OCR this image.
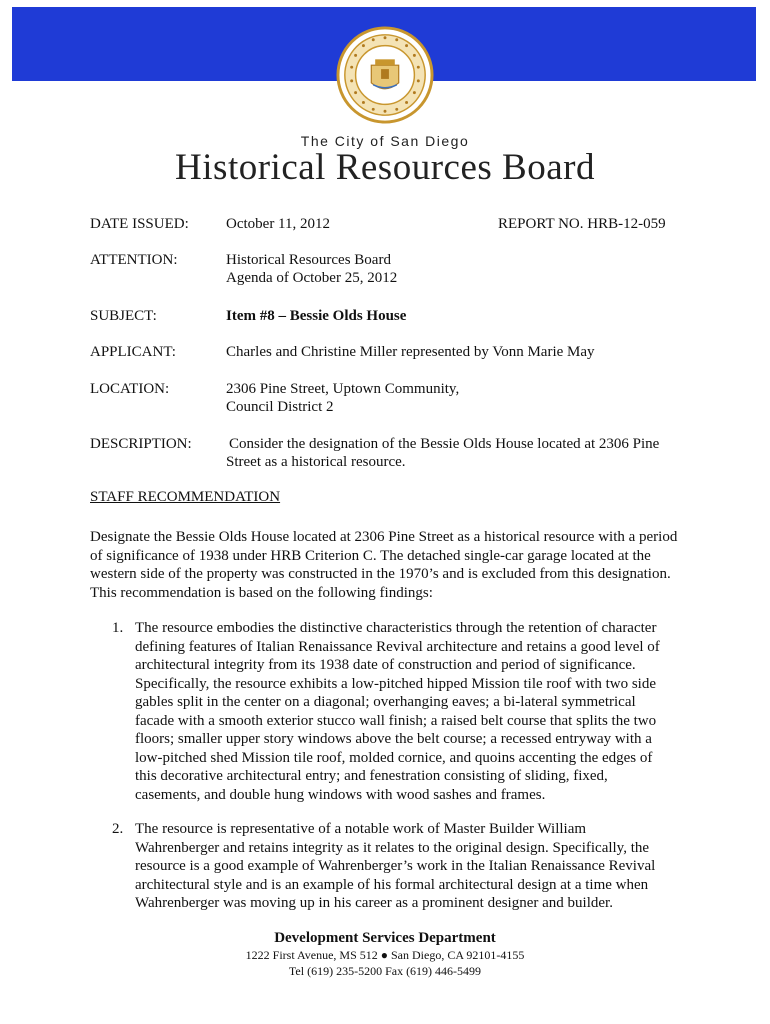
The City of San Diego
Historical Resources Board
DATE ISSUED: October 11, 2012	REPORT NO. HRB-12-059
ATTENTION:	Historical Resources Board
Agenda of October 25, 2012
SUBJECT:	Item #8 – Bessie Olds House
APPLICANT:	Charles and Christine Miller represented by Vonn Marie May
LOCATION:	2306 Pine Street, Uptown Community,
Council District 2
DESCRIPTION: Consider the designation of the Bessie Olds House located at 2306 Pine
Street as a historical resource.
STAFF RECOMMENDATION
Designate the Bessie Olds House located at 2306 Pine Street as a historical resource with a period of significance of 1938 under HRB Criterion C. The detached single-car garage located at the western side of the property was constructed in the 1970’s and is excluded from this designation. This recommendation is based on the following findings:
1. The resource embodies the distinctive characteristics through the retention of character defining features of Italian Renaissance Revival architecture and retains a good level of architectural integrity from its 1938 date of construction and period of significance. Specifically, the resource exhibits a low-pitched hipped Mission tile roof with two side gables split in the center on a diagonal; overhanging eaves; a bi-lateral symmetrical facade with a smooth exterior stucco wall finish; a raised belt course that splits the two floors; smaller upper story windows above the belt course; a recessed entryway with a low-pitched shed Mission tile roof, molded cornice, and quoins accenting the edges of this decorative architectural entry; and fenestration consisting of sliding, fixed, casements, and double hung windows with wood sashes and frames.
2. The resource is representative of a notable work of Master Builder William Wahrenberger and retains integrity as it relates to the original design. Specifically, the resource is a good example of Wahrenberger’s work in the Italian Renaissance Revival architectural style and is an example of his formal architectural design at a time when Wahrenberger was moving up in his career as a prominent designer and builder.
Development Services Department
1222 First Avenue, MS 512 ● San Diego, CA 92101-4155
Tel (619) 235-5200 Fax (619) 446-5499
